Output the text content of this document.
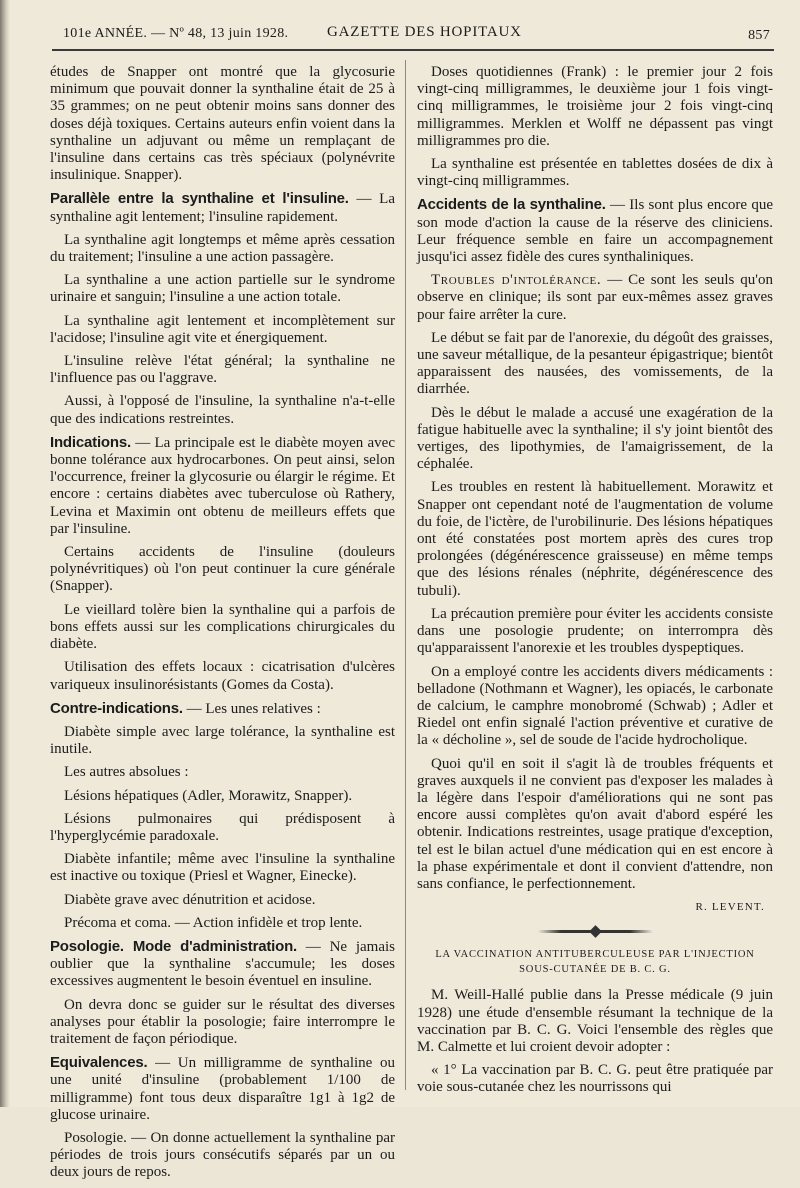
101e ANNÉE. — Nº 48, 13 juin 1928.	GAZETTE DES HOPITAUX	857

études de Snapper ont montré que la glycosurie minimum que pouvait donner la synthaline était de 25 à 35 grammes; on ne peut obtenir moins sans donner des doses déjà toxiques. Certains auteurs enfin voient dans la synthaline un adjuvant ou même un remplaçant de l'insuline dans certains cas très spéciaux (polynévrite insulinique. Snapper).

Parallèle entre la synthaline et l'insuline. — La synthaline agit lentement; l'insuline rapidement.

La synthaline agit longtemps et même après cessation du traitement; l'insuline a une action passagère.

La synthaline a une action partielle sur le syndrome urinaire et sanguin; l'insuline a une action totale.

La synthaline agit lentement et incomplètement sur l'acidose; l'insuline agit vite et énergiquement.

L'insuline relève l'état général; la synthaline ne l'influence pas ou l'aggrave.

Aussi, à l'opposé de l'insuline, la synthaline n'a-t-elle que des indications restreintes.

Indications. — La principale est le diabète moyen avec bonne tolérance aux hydrocarbones. On peut ainsi, selon l'occurrence, freiner la glycosurie ou élargir le régime. Et encore : certains diabètes avec tuberculose où Rathery, Levina et Maximin ont obtenu de meilleurs effets que par l'insuline.

Certains accidents de l'insuline (douleurs polynévritiques) où l'on peut continuer la cure générale (Snapper).

Le vieillard tolère bien la synthaline qui a parfois de bons effets aussi sur les complications chirurgicales du diabète.

Utilisation des effets locaux : cicatrisation d'ulcères variqueux insulinorésistants (Gomes da Costa).

Contre-indications. — Les unes relatives :

Diabète simple avec large tolérance, la synthaline est inutile.

Les autres absolues :

Lésions hépatiques (Adler, Morawitz, Snapper).

Lésions pulmonaires qui prédisposent à l'hyperglycémie paradoxale.

Diabète infantile; même avec l'insuline la synthaline est inactive ou toxique (Priesl et Wagner, Einecke).

Diabète grave avec dénutrition et acidose.

Précoma et coma. — Action infidèle et trop lente.

Posologie. Mode d'administration. — Ne jamais oublier que la synthaline s'accumule; les doses excessives augmentent le besoin éventuel en insuline.

On devra donc se guider sur le résultat des diverses analyses pour établir la posologie; faire interrompre le traitement de façon périodique.

Equivalences. — Un milligramme de synthaline ou une unité d'insuline (probablement 1/100 de milligramme) font tous deux disparaître 1g1 à 1g2 de glucose urinaire.

Posologie. — On donne actuellement la synthaline par périodes de trois jours consécutifs séparés par un ou deux jours de repos.

Doses quotidiennes (Frank) : le premier jour 2 fois vingt-cinq milligrammes, le deuxième jour 1 fois vingt-cinq milligrammes, le troisième jour 2 fois vingt-cinq milligrammes. Merklen et Wolff ne dépassent pas vingt milligrammes pro die.

La synthaline est présentée en tablettes dosées de dix à vingt-cinq milligrammes.

Accidents de la synthaline. — Ils sont plus encore que son mode d'action la cause de la réserve des cliniciens. Leur fréquence semble en faire un accompagnement jusqu'ici assez fidèle des cures synthaliniques.

Troubles d'intolérance. — Ce sont les seuls qu'on observe en clinique; ils sont par eux-mêmes assez graves pour faire arrêter la cure.

Le début se fait par de l'anorexie, du dégoût des graisses, une saveur métallique, de la pesanteur épigastrique; bientôt apparaissent des nausées, des vomissements, de la diarrhée.

Dès le début le malade a accusé une exagération de la fatigue habituelle avec la synthaline; il s'y joint bientôt des vertiges, des lipothymies, de l'amaigrissement, de la céphalée.

Les troubles en restent là habituellement. Morawitz et Snapper ont cependant noté de l'augmentation de volume du foie, de l'ictère, de l'urobilinurie. Des lésions hépatiques ont été constatées post mortem après des cures trop prolongées (dégénérescence graisseuse) en même temps que des lésions rénales (néphrite, dégénérescence des tubuli).

La précaution première pour éviter les accidents consiste dans une posologie prudente; on interrompra dès qu'apparaissent l'anorexie et les troubles dyspeptiques.

On a employé contre les accidents divers médicaments : belladone (Nothmann et Wagner), les opiacés, le carbonate de calcium, le camphre monobromé (Schwab) ; Adler et Riedel ont enfin signalé l'action préventive et curative de la « décholine », sel de soude de l'acide hydrocholique.

Quoi qu'il en soit il s'agit là de troubles fréquents et graves auxquels il ne convient pas d'exposer les malades à la légère dans l'espoir d'améliorations qui ne sont pas encore aussi complètes qu'on avait d'abord espéré les obtenir. Indications restreintes, usage pratique d'exception, tel est le bilan actuel d'une médication qui en est encore à la phase expérimentale et dont il convient d'attendre, non sans confiance, le perfectionnement.

R. LEVENT.
LA VACCINATION ANTITUBERCULEUSE PAR L'INJECTION SOUS-CUTANÉE DE B. C. G.

M. Weill-Hallé publie dans la Presse médicale (9 juin 1928) une étude d'ensemble résumant la technique de la vaccination par B. C. G. Voici l'ensemble des règles que M. Calmette et lui croient devoir adopter :

« 1° La vaccination par B. C. G. peut être pratiquée par voie sous-cutanée chez les nourrissons qui
